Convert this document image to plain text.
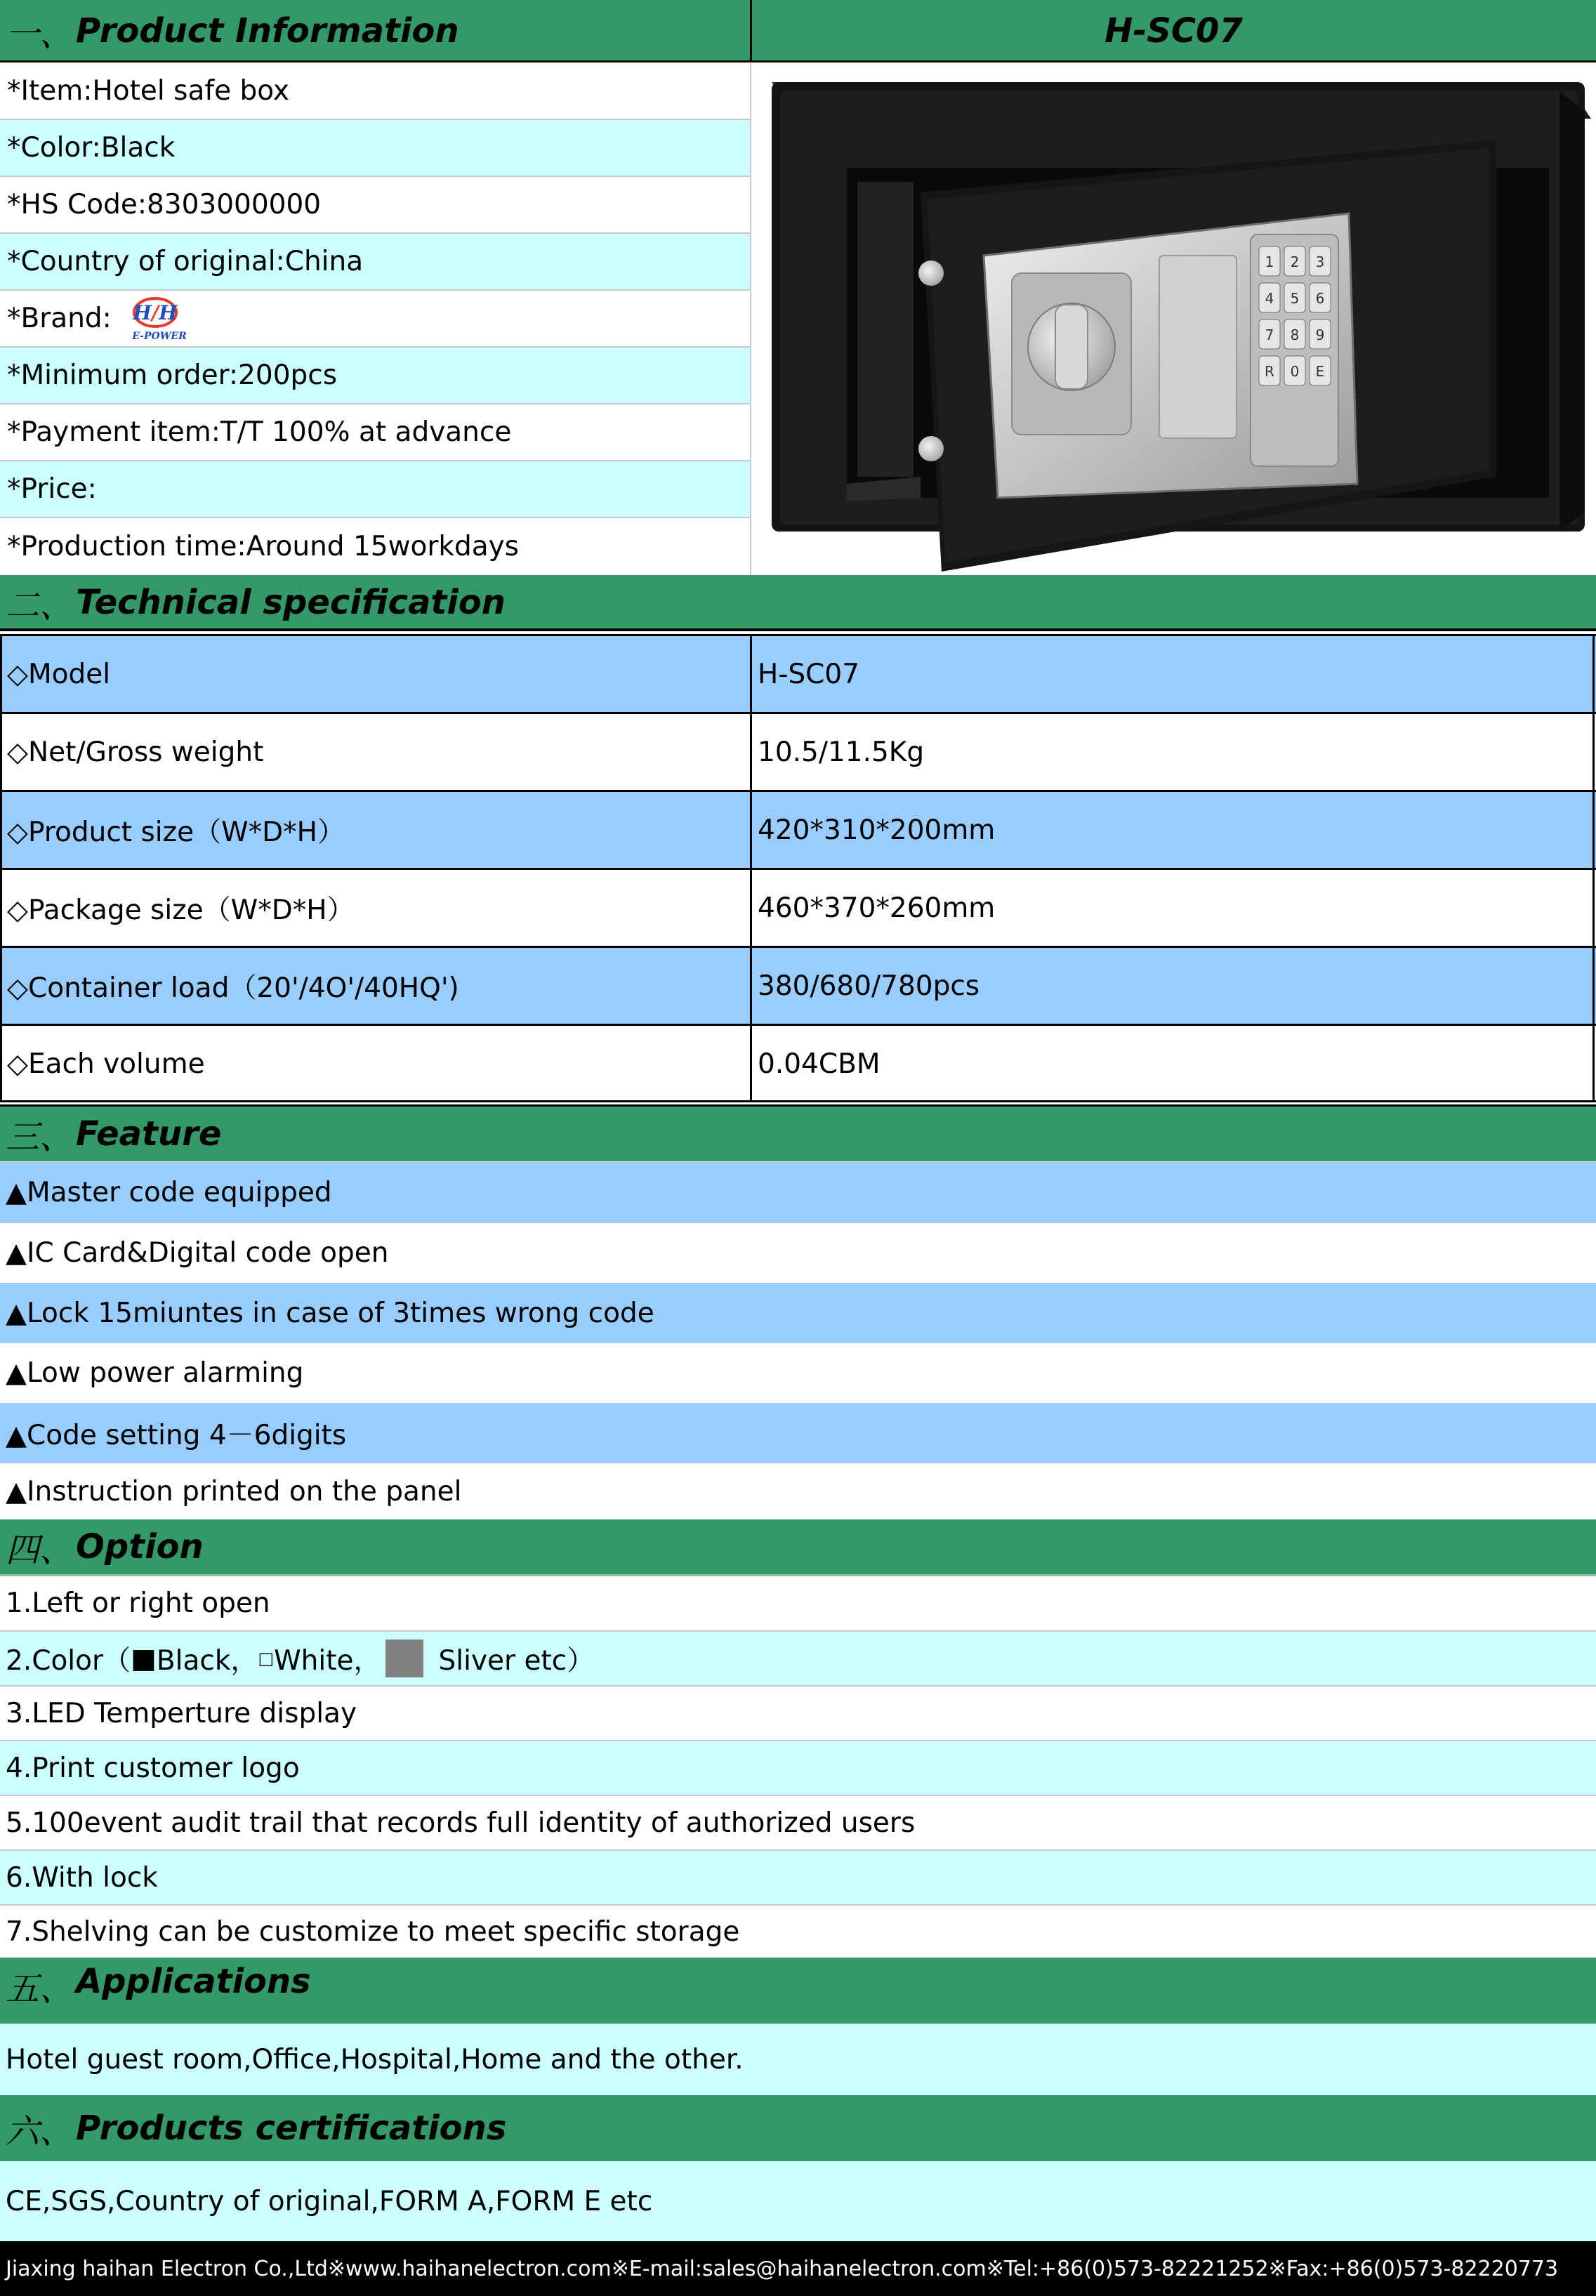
一、 Product Information	H-SC07
*Item:Hotel safe box
*Color:Black
*HS Code:8303000000
*Country of original:China
*Brand: H/H
E-POWER
*Minimum order:200pcs
*Payment item:T/T 100% at advance
*Price:
*Production time:Around 15workdays
1 2 3
4 5 6
7 8 9
R 0 E
二、 Technical specification
◇Model	H-SC07
◇Net/Gross weight	10.5/11.5Kg
◇Product size（W*D*H）	420*310*200mm
◇Package size（W*D*H）	460*370*260mm
◇Container load（20'/4O'/40HQ')	380/680/780pcs
◇Each volume	0.04CBM
三、 Feature
▲Master code equipped
▲IC Card&Digital code open
▲Lock 15miuntes in case of 3times wrong code
▲Low power alarming
▲Code setting 4－6digits
▲Instruction printed on the panel
四、 Option
1.Left or right open
2.Color（ ■ Black， □ White， Sliver etc）
3.LED Temperture display
4.Print customer logo
5.100event audit trail that records full identity of authorized users
6.With lock
7.Shelving can be customize to meet specific storage
五、 Applications
Hotel guest room,Office,Hospital,Home and the other.
六、 Products certifications
CE,SGS,Country of original,FORM A,FORM E etc
Jiaxing haihan Electron Co.,Ltd※www.haihanelectron.com※E-mail:sales@haihanelectron.com※Tel:+86(0)573-82221252※Fax:+86(0)573-82220773
